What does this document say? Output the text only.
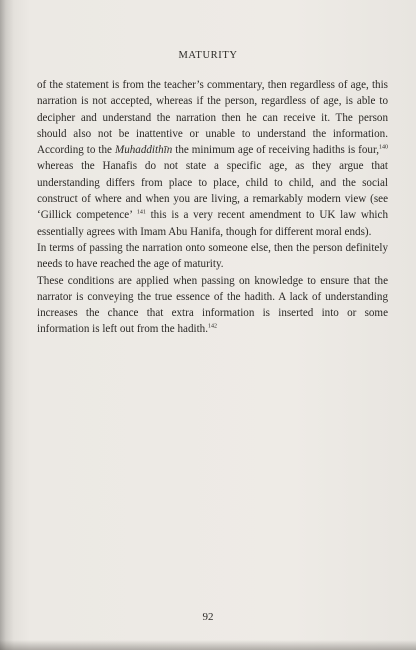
MATURITY

of the statement is from the teacher’s commentary, then regardless of age, this narration is not accepted, whereas if the person, regardless of age, is able to decipher and understand the narration then he can receive it. The person should also not be inattentive or unable to understand the information. According to the Muhaddithīn the minimum age of receiving hadiths is four,$^{140}$ whereas the Hanafis do not state a specific age, as they argue that understanding differs from place to place, child to child, and the social construct of where and when you are living, a remarkably modern view (see ‘Gillick competence’ $^{141}$ this is a very recent amendment to UK law which essentially agrees with Imam Abu Hanifa, though for different moral ends).

In terms of passing the narration onto someone else, then the person definitely needs to have reached the age of maturity.

These conditions are applied when passing on knowledge to ensure that the narrator is conveying the true essence of the hadith. A lack of understanding increases the chance that extra information is inserted into or some information is left out from the hadith.$^{142}$

92
